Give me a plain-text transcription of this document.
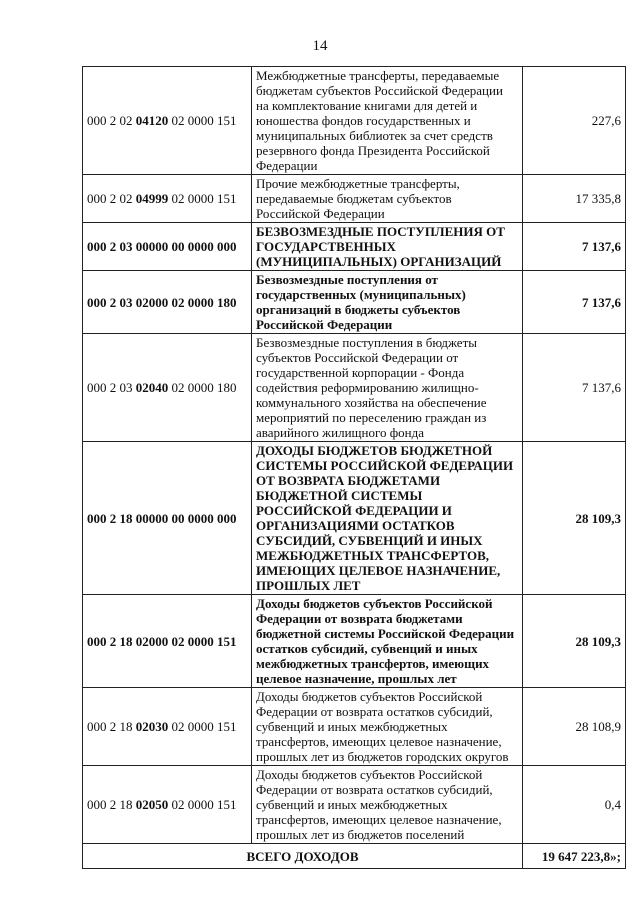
14
000 2 02 04120 02 0000 151	Межбюджетные трансферты, передаваемые бюджетам субъектов Российской Федерации на комплектование книгами для детей и юношества фондов государственных и муниципальных библиотек за счет средств резервного фонда Президента Российской Федерации	227,6
000 2 02 04999 02 0000 151	Прочие межбюджетные трансферты, передаваемые бюджетам субъектов Российской Федерации	17 335,8
000 2 03 00000 00 0000 000	БЕЗВОЗМЕЗДНЫЕ ПОСТУПЛЕНИЯ ОТ ГОСУДАРСТВЕННЫХ (МУНИЦИПАЛЬНЫХ) ОРГАНИЗАЦИЙ	7 137,6
000 2 03 02000 02 0000 180	Безвозмездные поступления от государственных (муниципальных) организаций в бюджеты субъектов Российской Федерации	7 137,6
000 2 03 02040 02 0000 180	Безвозмездные поступления в бюджеты субъектов Российской Федерации от государственной корпорации - Фонда содействия реформированию жилищно-коммунального хозяйства на обеспечение мероприятий по переселению граждан из аварийного жилищного фонда	7 137,6
000 2 18 00000 00 0000 000	ДОХОДЫ БЮДЖЕТОВ БЮДЖЕТНОЙ СИСТЕМЫ РОССИЙСКОЙ ФЕДЕРАЦИИ ОТ ВОЗВРАТА БЮДЖЕТАМИ БЮДЖЕТНОЙ СИСТЕМЫ РОССИЙСКОЙ ФЕДЕРАЦИИ И ОРГАНИЗАЦИЯМИ ОСТАТКОВ СУБСИДИЙ, СУБВЕНЦИЙ И ИНЫХ МЕЖБЮДЖЕТНЫХ ТРАНСФЕРТОВ, ИМЕЮЩИХ ЦЕЛЕВОЕ НАЗНАЧЕНИЕ, ПРОШЛЫХ ЛЕТ	28 109,3
000 2 18 02000 02 0000 151	Доходы бюджетов субъектов Российской Федерации от возврата бюджетами бюджетной системы Российской Федерации остатков субсидий, субвенций и иных межбюджетных трансфертов, имеющих целевое назначение, прошлых лет	28 109,3
000 2 18 02030 02 0000 151	Доходы бюджетов субъектов Российской Федерации от возврата остатков субсидий, субвенций и иных межбюджетных трансфертов, имеющих целевое назначение, прошлых лет из бюджетов городских округов	28 108,9
000 2 18 02050 02 0000 151	Доходы бюджетов субъектов Российской Федерации от возврата остатков субсидий, субвенций и иных межбюджетных трансфертов, имеющих целевое назначение, прошлых лет из бюджетов поселений	0,4
ВСЕГО ДОХОДОВ		19 647 223,8»;
